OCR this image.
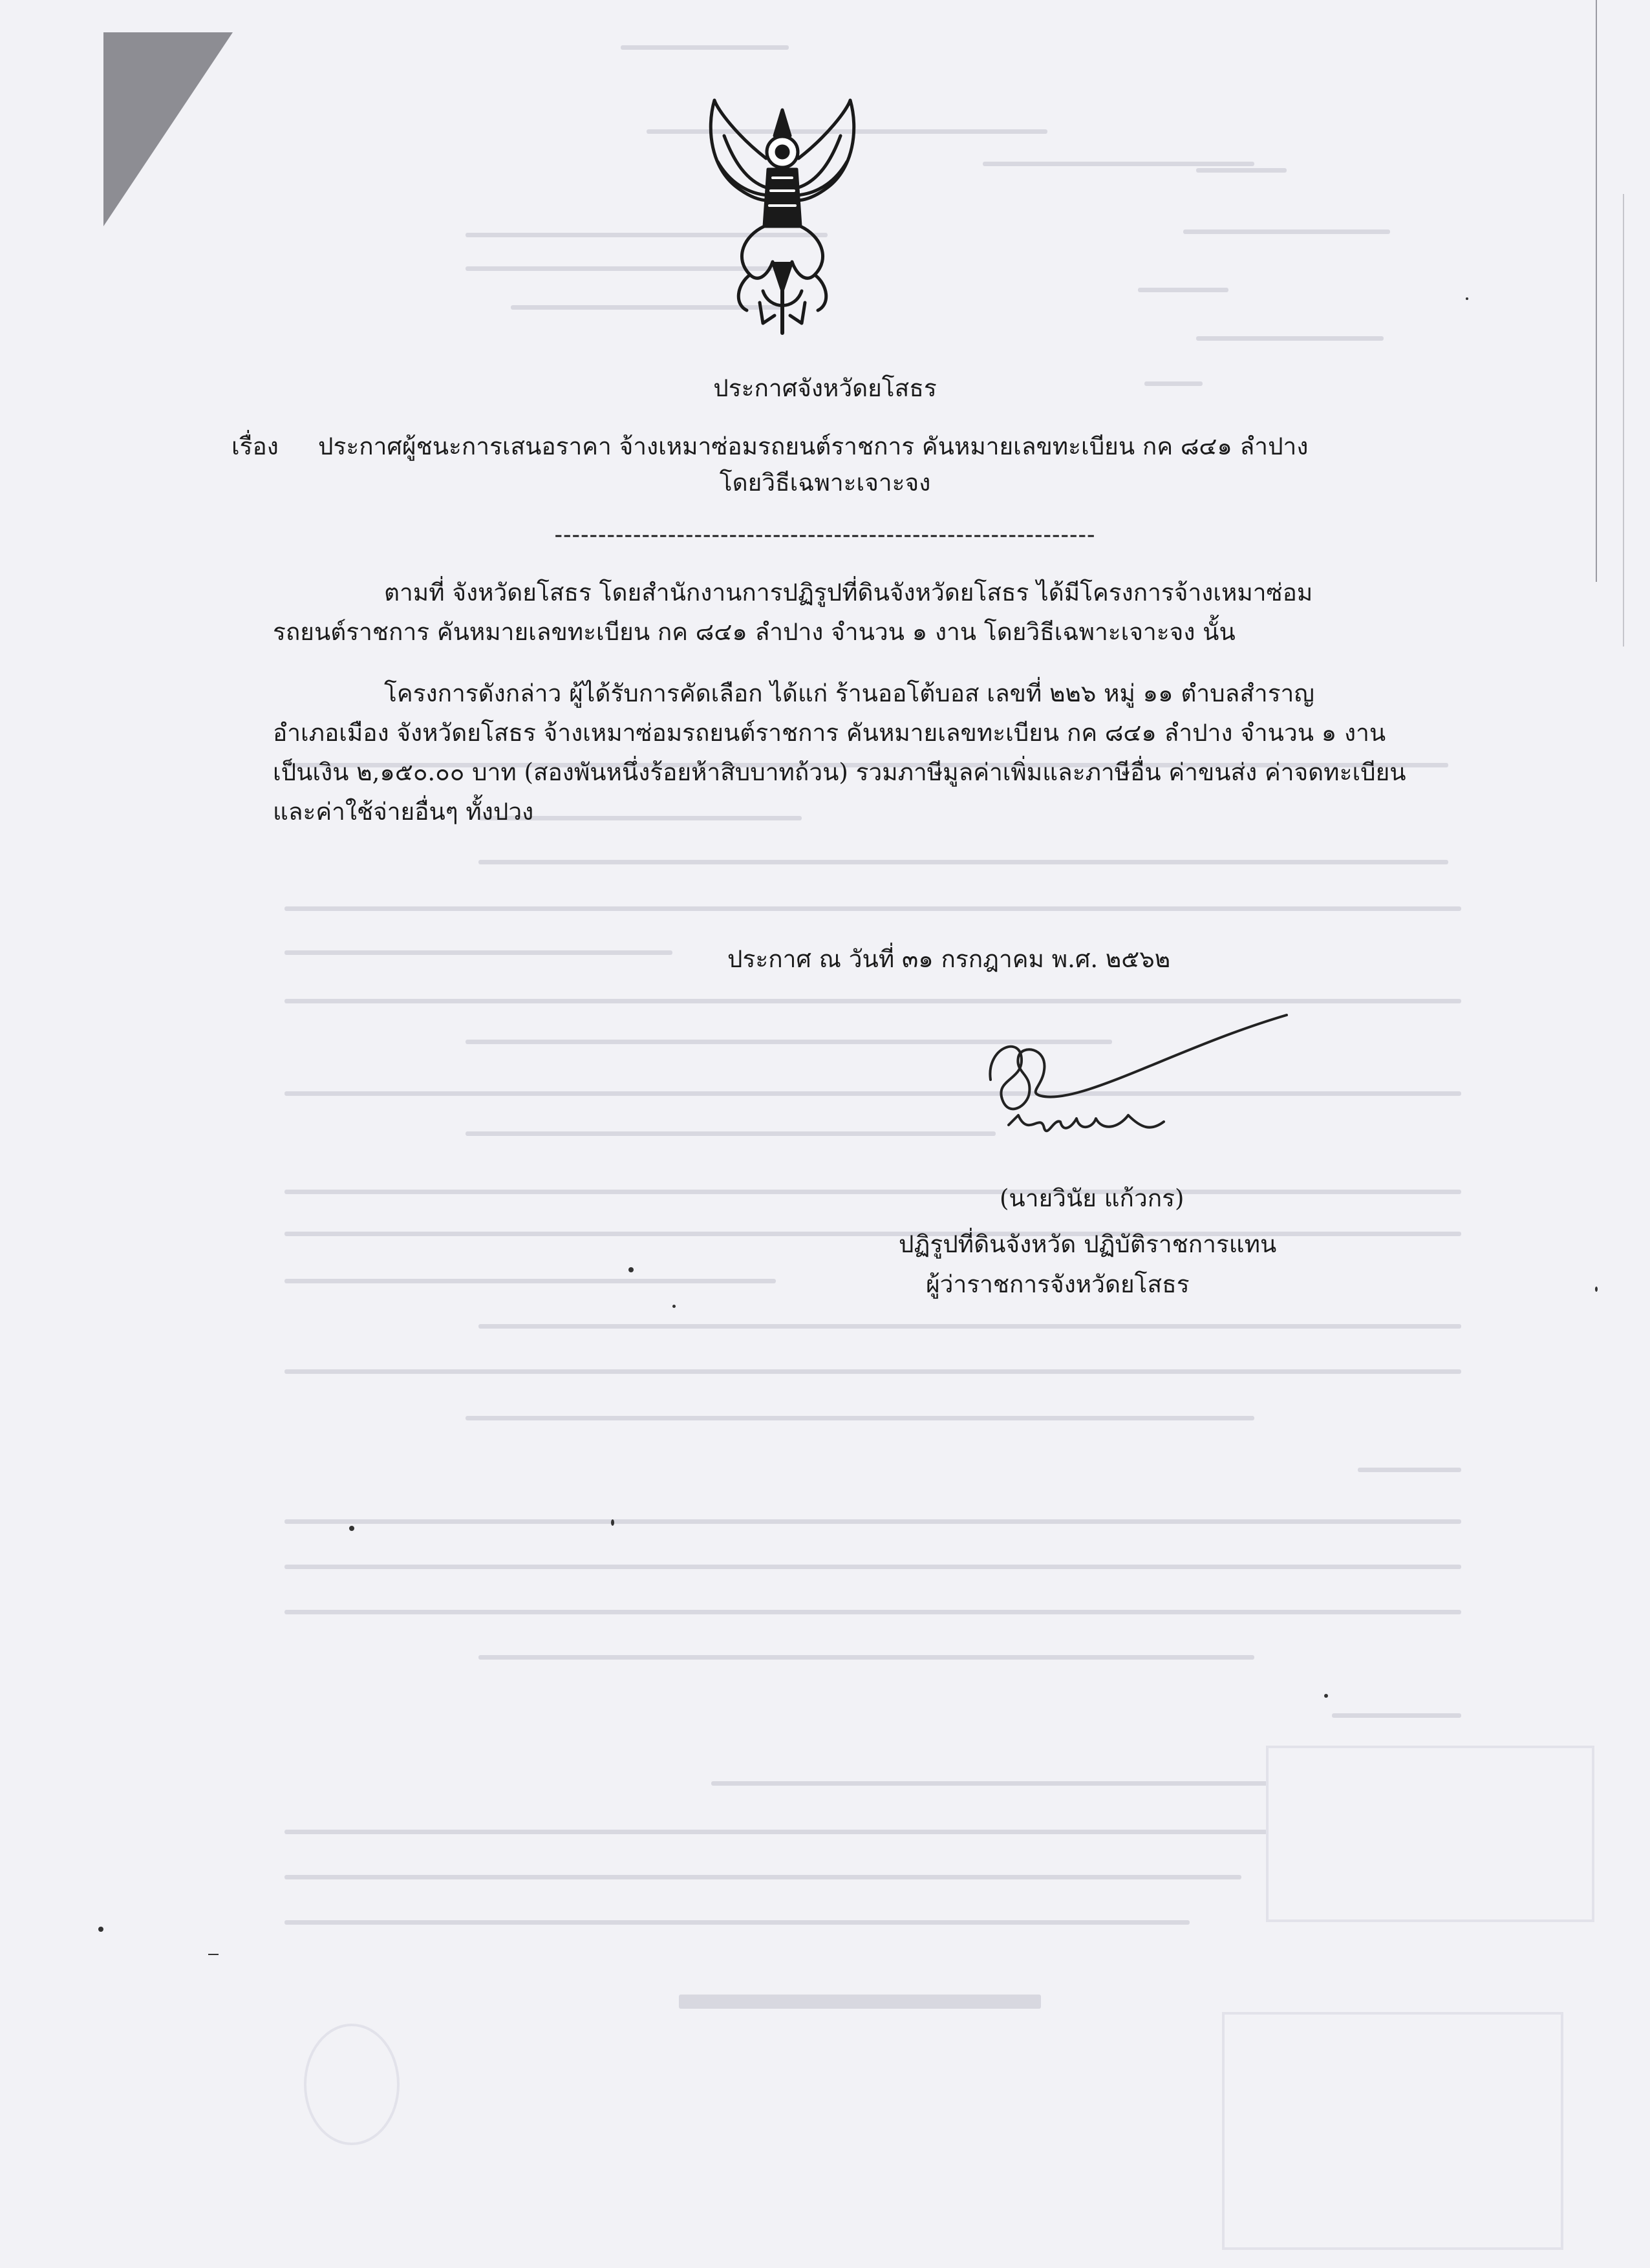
ประกาศจังหวัดยโสธร
เรื่อง ประกาศผู้ชนะการเสนอราคา จ้างเหมาซ่อมรถยนต์ราชการ คันหมายเลขทะเบียน กค ๘๔๑ ลำปาง
โดยวิธีเฉพาะเจาะจง
--------------------------------------------------------------
ตามที่ จังหวัดยโสธร โดยสำนักงานการปฏิรูปที่ดินจังหวัดยโสธร ได้มีโครงการจ้างเหมาซ่อม
รถยนต์ราชการ คันหมายเลขทะเบียน กค ๘๔๑ ลำปาง จำนวน ๑ งาน โดยวิธีเฉพาะเจาะจง นั้น
โครงการดังกล่าว ผู้ได้รับการคัดเลือก ได้แก่ ร้านออโต้บอส เลขที่ ๒๒๖ หมู่ ๑๑ ตำบลสำราญ
อำเภอเมือง จังหวัดยโสธร จ้างเหมาซ่อมรถยนต์ราชการ คันหมายเลขทะเบียน กค ๘๔๑ ลำปาง จำนวน ๑ งาน
เป็นเงิน ๒,๑๕๐.๐๐ บาท (สองพันหนึ่งร้อยห้าสิบบาทถ้วน) รวมภาษีมูลค่าเพิ่มและภาษีอื่น ค่าขนส่ง ค่าจดทะเบียน
และค่าใช้จ่ายอื่นๆ ทั้งปวง
ประกาศ ณ วันที่ ๓๑ กรกฎาคม พ.ศ. ๒๕๖๒
(นายวินัย แก้วกร)
ปฏิรูปที่ดินจังหวัด ปฏิบัติราชการแทน
ผู้ว่าราชการจังหวัดยโสธร
